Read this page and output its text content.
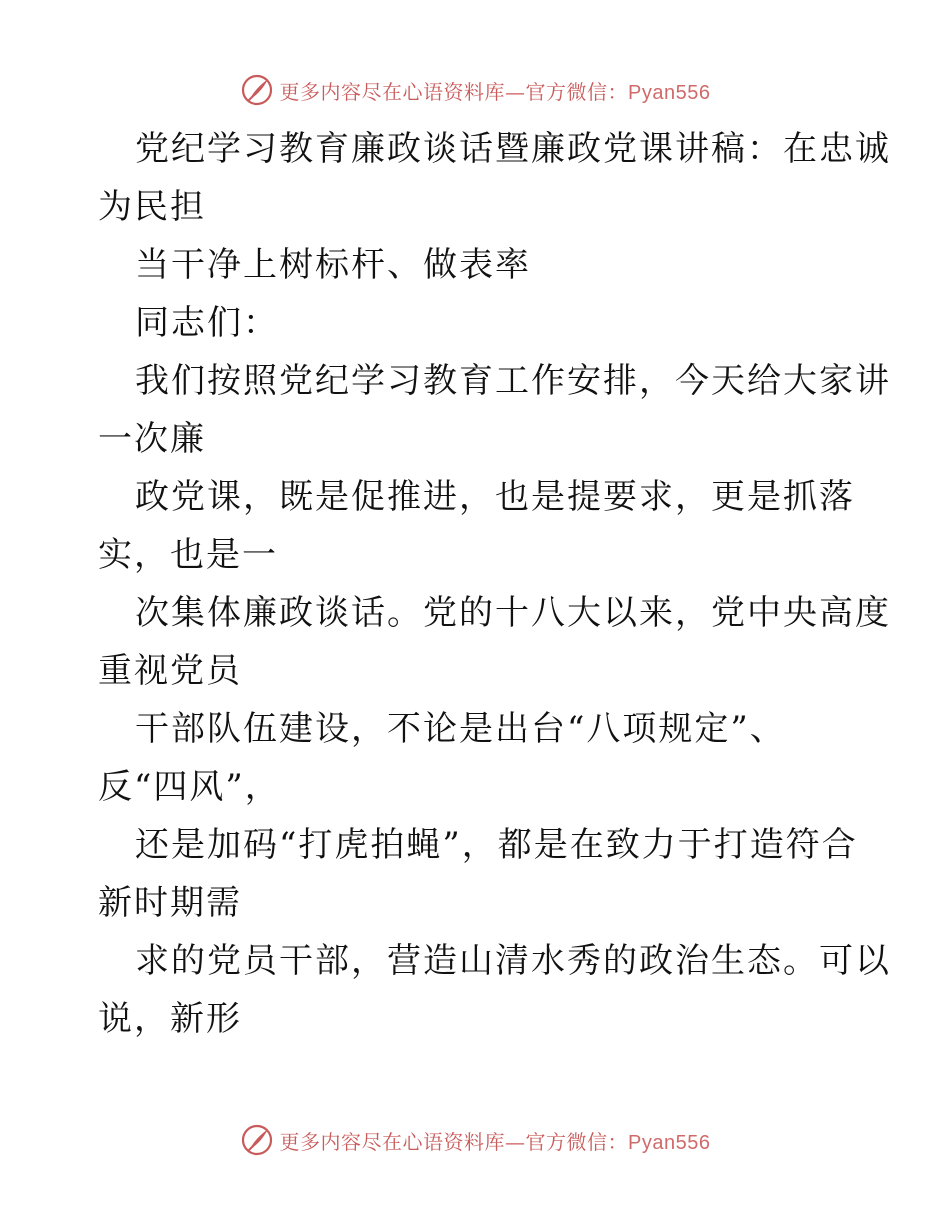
更多内容尽在心语资料库—官方微信：Pyan556
党纪学习教育廉政谈话暨廉政党课讲稿：在忠诚
为民担
当干净上树标杆、做表率
同志们：
我们按照党纪学习教育工作安排，今天给大家讲
一次廉
政党课，既是促推进，也是提要求，更是抓落
实，也是一
次集体廉政谈话。党的十八大以来，党中央高度
重视党员
干部队伍建设，不论是出台“八项规定”、
反“四风”，
还是加码“打虎拍蝇”，都是在致力于打造符合
新时期需
求的党员干部，营造山清水秀的政治生态。可以
说，新形
更多内容尽在心语资料库—官方微信：Pyan556
